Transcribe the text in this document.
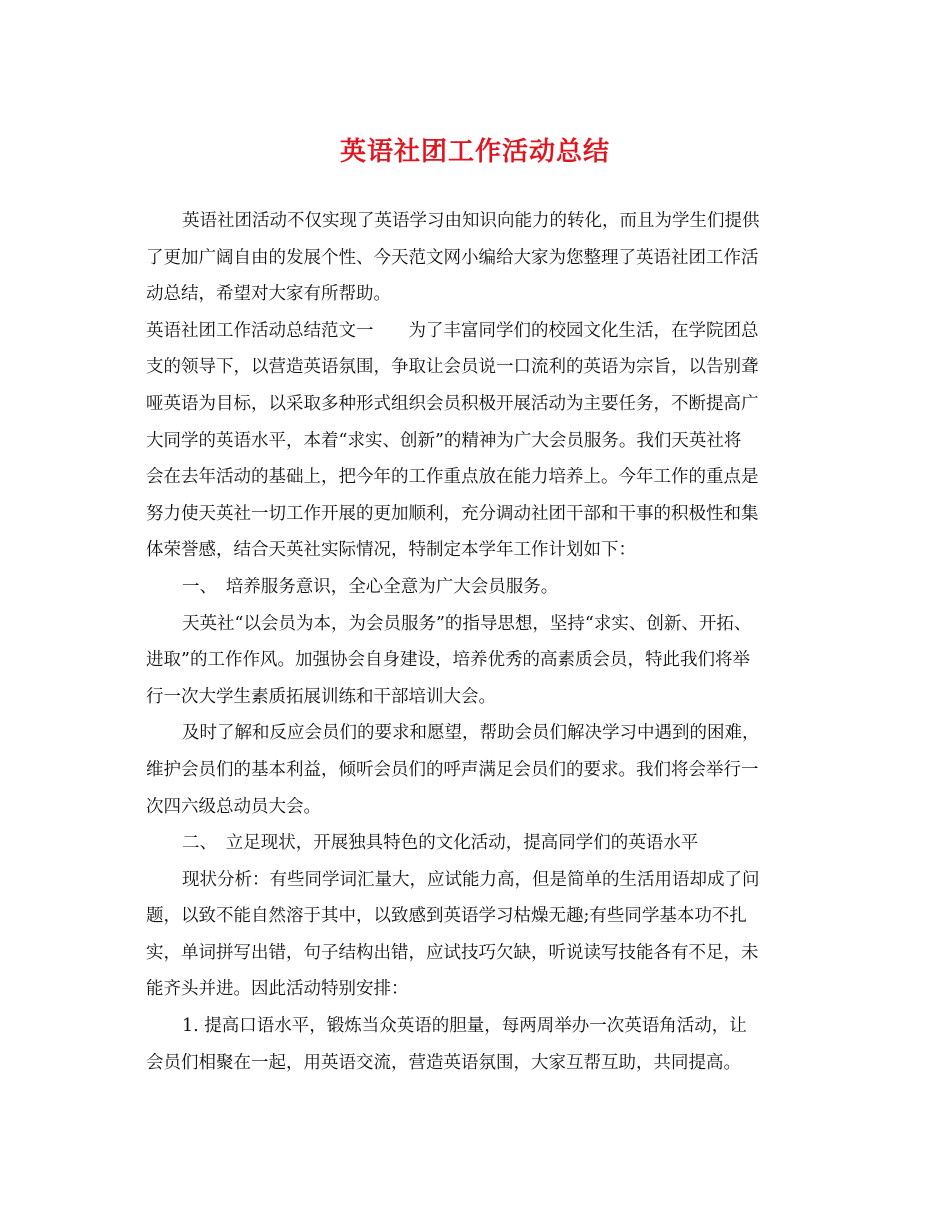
英语社团工作活动总结
英语社团活动不仅实现了英语学习由知识向能力的转化，而且为学生们提供
了更加广阔自由的发展个性、今天范文网小编给大家为您整理了英语社团工作活
动总结，希望对大家有所帮助。
英语社团工作活动总结范文一　　为了丰富同学们的校园文化生活，在学院团总
支的领导下，以营造英语氛围，争取让会员说一口流利的英语为宗旨，以告别聋
哑英语为目标，以采取多种形式组织会员积极开展活动为主要任务，不断提高广
大同学的英语水平，本着“求实、创新”的精神为广大会员服务。我们天英社将
会在去年活动的基础上，把今年的工作重点放在能力培养上。今年工作的重点是
努力使天英社一切工作开展的更加顺利，充分调动社团干部和干事的积极性和集
体荣誉感，结合天英社实际情况，特制定本学年工作计划如下：
一、　培养服务意识，全心全意为广大会员服务。
天英社“以会员为本，为会员服务”的指导思想，坚持“求实、创新、开拓、
进取”的工作作风。加强协会自身建设，培养优秀的高素质会员，特此我们将举
行一次大学生素质拓展训练和干部培训大会。
及时了解和反应会员们的要求和愿望，帮助会员们解决学习中遇到的困难，
维护会员们的基本利益，倾听会员们的呼声满足会员们的要求。我们将会举行一
次四六级总动员大会。
二、　立足现状，开展独具特色的文化活动，提高同学们的英语水平
现状分析：有些同学词汇量大，应试能力高，但是简单的生活用语却成了问
题，以致不能自然溶于其中，以致感到英语学习枯燥无趣;有些同学基本功不扎
实，单词拼写出错，句子结构出错，应试技巧欠缺，听说读写技能各有不足，未
能齐头并进。因此活动特别安排：
1. 提高口语水平，锻炼当众英语的胆量，每两周举办一次英语角活动，让
会员们相聚在一起，用英语交流，营造英语氛围，大家互帮互助，共同提高。
